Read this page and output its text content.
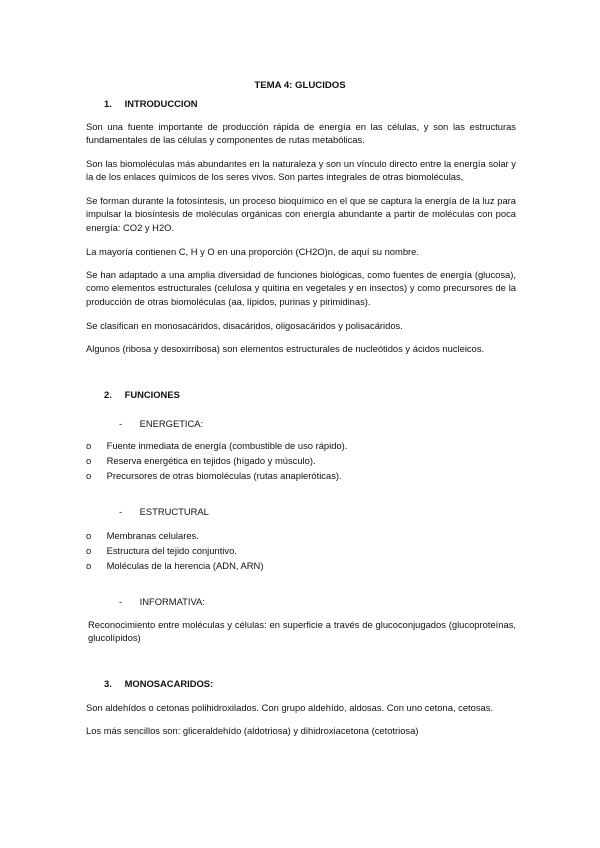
TEMA 4: GLUCIDOS
1. INTRODUCCION
Son una fuente importante de producción rápida de energía en las células, y son las estructuras fundamentales de las células y componentes de rutas metabólicas.
Son las biomoléculas más abundantes en la naturaleza y son un vínculo directo entre la energía solar y la de los enlaces químicos de los seres vivos. Son partes integrales de otras biomoléculas,
Se forman durante la fotosíntesis, un proceso bioquímico en el que se captura la energía de la luz para impulsar la biosíntesis de moléculas orgánicas con energía abundante a partir de moléculas con poca energía: CO2 y H2O.
La mayoría contienen C, H y O en una proporción (CH2O)n, de aquí su nombre.
Se han adaptado a una amplia diversidad de funciones biológicas, como fuentes de energía (glucosa), como elementos estructurales (celulosa y quitina en vegetales y en insectos) y como precursores de la producción de otras biomoléculas (aa, lípidos, purinas y pirimidinas).
Se clasifican en monosacáridos, disacáridos, oligosacáridos y polisacáridos.
Algunos (ribosa y desoxirribosa) son elementos estructurales de nucleótidos y ácidos nucleicos.
2. FUNCIONES
- ENERGETICA:
o Fuente inmediata de energía (combustible de uso rápido).
o Reserva energética en tejidos (hígado y músculo).
o Precursores de otras biomoléculas (rutas anapleróticas).
- ESTRUCTURAL
o Membranas celulares.
o Estructura del tejido conjuntivo.
o Moléculas de la herencia (ADN, ARN)
- INFORMATIVA:
Reconocimiento entre moléculas y células: en superficie a través de glucoconjugados (glucoproteínas, glucolípidos)
3. MONOSACARIDOS:
Son aldehídos o cetonas polihidroxilados. Con grupo aldehído, aldosas. Con uno cetona, cetosas.
Los más sencillos son: gliceraldehído (aldotriosa) y dihidroxiacetona (cetotriosa)
